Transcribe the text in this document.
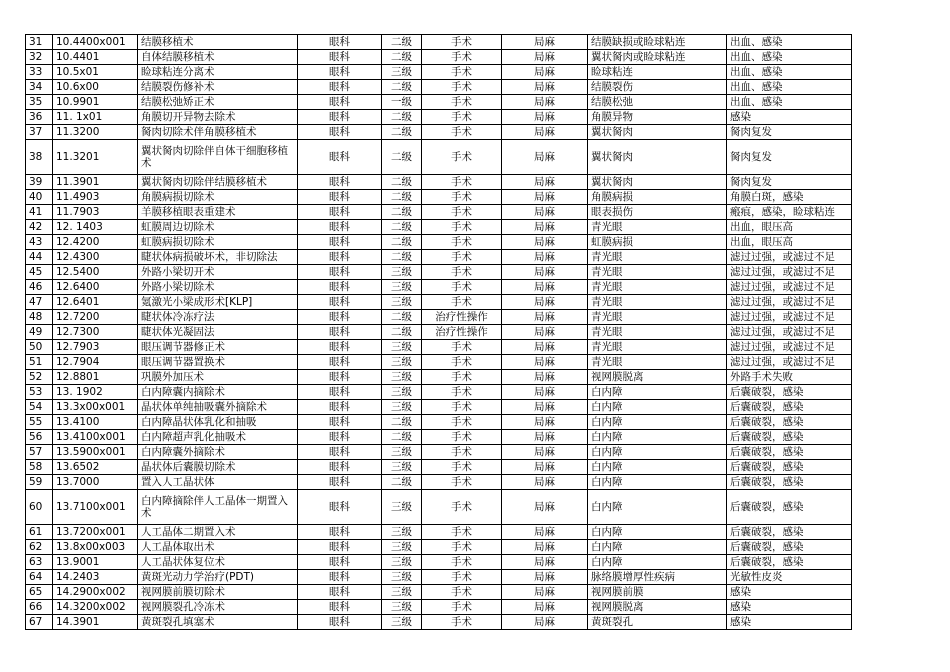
31	10.4400x001	结膜移植术	眼科	二级	手术	局麻	结膜缺损或睑球粘连	出血、感染
32	10.4401	自体结膜移植术	眼科	二级	手术	局麻	翼状胬肉或睑球粘连	出血、感染
33	10.5x01	睑球粘连分离术	眼科	三级	手术	局麻	睑球粘连	出血、感染
34	10.6x00	结膜裂伤修补术	眼科	二级	手术	局麻	结膜裂伤	出血、感染
35	10.9901	结膜松弛矫正术	眼科	一级	手术	局麻	结膜松弛	出血、感染
36	11. 1x01	角膜切开异物去除术	眼科	二级	手术	局麻	角膜异物	感染
37	11.3200	胬肉切除术伴角膜移植术	眼科	二级	手术	局麻	翼状胬肉	胬肉复发
38	11.3201	翼状胬肉切除伴自体干细胞移植术	眼科	二级	手术	局麻	翼状胬肉	胬肉复发
39	11.3901	翼状胬肉切除伴结膜移植术	眼科	二级	手术	局麻	翼状胬肉	胬肉复发
40	11.4903	角膜病损切除术	眼科	二级	手术	局麻	角膜病损	角膜白斑，感染
41	11.7903	羊膜移植眼表重建术	眼科	二级	手术	局麻	眼表损伤	瘢痕，感染，睑球粘连
42	12. 1403	虹膜周边切除术	眼科	二级	手术	局麻	青光眼	出血，眼压高
43	12.4200	虹膜病损切除术	眼科	二级	手术	局麻	虹膜病损	出血，眼压高
44	12.4300	睫状体病损破坏术，非切除法	眼科	二级	手术	局麻	青光眼	滤过过强，或滤过不足
45	12.5400	外路小梁切开术	眼科	三级	手术	局麻	青光眼	滤过过强，或滤过不足
46	12.6400	外路小梁切除术	眼科	三级	手术	局麻	青光眼	滤过过强，或滤过不足
47	12.6401	氪激光小梁成形术[KLP]	眼科	三级	手术	局麻	青光眼	滤过过强，或滤过不足
48	12.7200	睫状体冷冻疗法	眼科	二级	治疗性操作	局麻	青光眼	滤过过强，或滤过不足
49	12.7300	睫状体光凝固法	眼科	二级	治疗性操作	局麻	青光眼	滤过过强，或滤过不足
50	12.7903	眼压调节器修正术	眼科	三级	手术	局麻	青光眼	滤过过强，或滤过不足
51	12.7904	眼压调节器置换术	眼科	三级	手术	局麻	青光眼	滤过过强，或滤过不足
52	12.8801	巩膜外加压术	眼科	三级	手术	局麻	视网膜脱离	外路手术失败
53	13. 1902	白内障囊内摘除术	眼科	三级	手术	局麻	白内障	后囊破裂，感染
54	13.3x00x001	晶状体单纯抽吸囊外摘除术	眼科	三级	手术	局麻	白内障	后囊破裂，感染
55	13.4100	白内障晶状体乳化和抽吸	眼科	二级	手术	局麻	白内障	后囊破裂，感染
56	13.4100x001	白内障超声乳化抽吸术	眼科	二级	手术	局麻	白内障	后囊破裂，感染
57	13.5900x001	白内障囊外摘除术	眼科	三级	手术	局麻	白内障	后囊破裂，感染
58	13.6502	晶状体后囊膜切除术	眼科	三级	手术	局麻	白内障	后囊破裂，感染
59	13.7000	置入人工晶状体	眼科	二级	手术	局麻	白内障	后囊破裂，感染
60	13.7100x001	白内障摘除伴人工晶体一期置入术	眼科	三级	手术	局麻	白内障	后囊破裂，感染
61	13.7200x001	人工晶体二期置入术	眼科	三级	手术	局麻	白内障	后囊破裂，感染
62	13.8x00x003	人工晶体取出术	眼科	三级	手术	局麻	白内障	后囊破裂，感染
63	13.9001	人工晶状体复位术	眼科	三级	手术	局麻	白内障	后囊破裂，感染
64	14.2403	黄斑光动力学治疗(PDT)	眼科	三级	手术	局麻	脉络膜增厚性疾病	光敏性皮炎
65	14.2900x002	视网膜前膜切除术	眼科	三级	手术	局麻	视网膜前膜	感染
66	14.3200x002	视网膜裂孔冷冻术	眼科	三级	手术	局麻	视网膜脱离	感染
67	14.3901	黄斑裂孔填塞术	眼科	三级	手术	局麻	黄斑裂孔	感染
